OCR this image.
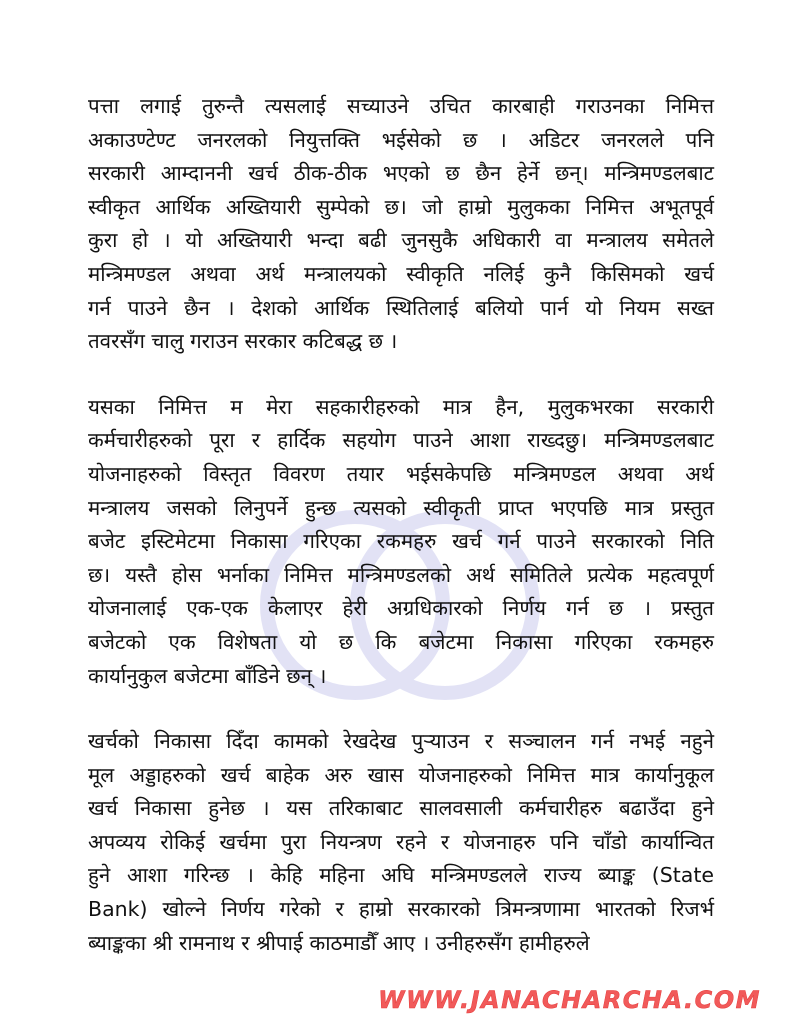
पत्ता लगाई तुरुन्तै त्यसलाई सच्याउने उचित कारबाही गराउनका निमित्त
अकाउण्टेण्ट जनरलको नियुत्तक्ति भईसेको छ । अडिटर जनरलले पनि
सरकारी आम्दाननी खर्च ठीक-ठीक भएको छ छैन हेर्ने छन्। मन्त्रिमण्डलबाट
स्वीकृत आर्थिक अख्तियारी सुम्पेको छ। जो हाम्रो मुलुकका निमित्त अभूतपूर्व
कुरा हो । यो अख्तियारी भन्दा बढी जुनसुकै अधिकारी वा मन्त्रालय समेतले
मन्त्रिमण्डल अथवा अर्थ मन्त्रालयको स्वीकृति नलिई कुनै किसिमको खर्च
गर्न पाउने छैन । देशको आर्थिक स्थितिलाई बलियो पार्न यो नियम सख्त
तवरसँग चालु गराउन सरकार कटिबद्ध छ ।

यसका निमित्त म मेरा सहकारीहरुको मात्र हैन, मुलुकभरका सरकारी
कर्मचारीहरुको पूरा र हार्दिक सहयोग पाउने आशा राख्दछु। मन्त्रिमण्डलबाट
योजनाहरुको विस्तृत विवरण तयार भईसकेपछि मन्त्रिमण्डल अथवा अर्थ
मन्त्रालय जसको लिनुपर्ने हुन्छ त्यसको स्वीकृती प्राप्त भएपछि मात्र प्रस्तुत
बजेट इस्टिमेटमा निकासा गरिएका रकमहरु खर्च गर्न पाउने सरकारको निति
छ। यस्तै होस भर्नाका निमित्त मन्त्रिमण्डलको अर्थ समितिले प्रत्येक महत्वपूर्ण
योजनालाई एक-एक केलाएर हेरी अग्रधिकारको निर्णय गर्न छ । प्रस्तुत
बजेटको एक विशेषता यो छ कि बजेटमा निकासा गरिएका रकमहरु
कार्यानुकुल बजेटमा बाँडिने छन् ।

खर्चको निकासा दिँदा कामको रेखदेख पुऱ्याउन र सञ्चालन गर्न नभई नहुने
मूल अड्डाहरुको खर्च बाहेक अरु खास योजनाहरुको निमित्त मात्र कार्यानुकूल
खर्च निकासा हुनेछ । यस तरिकाबाट सालवसाली कर्मचारीहरु बढाउँदा हुने
अपव्यय रोकिई खर्चमा पुरा नियन्त्रण रहने र योजनाहरु पनि चाँडो कार्यान्वित
हुने आशा गरिन्छ । केहि महिना अघि मन्त्रिमण्डलले राज्य ब्याङ्क (State
Bank) खोल्ने निर्णय गरेको र हाम्रो सरकारको त्रिमन्त्रणामा भारतको रिजर्भ
ब्याङ्कका श्री रामनाथ र श्रीपाई काठमाडौँ आए । उनीहरुसँग हामीहरुले

WWW.JANACHARCHA.COM
